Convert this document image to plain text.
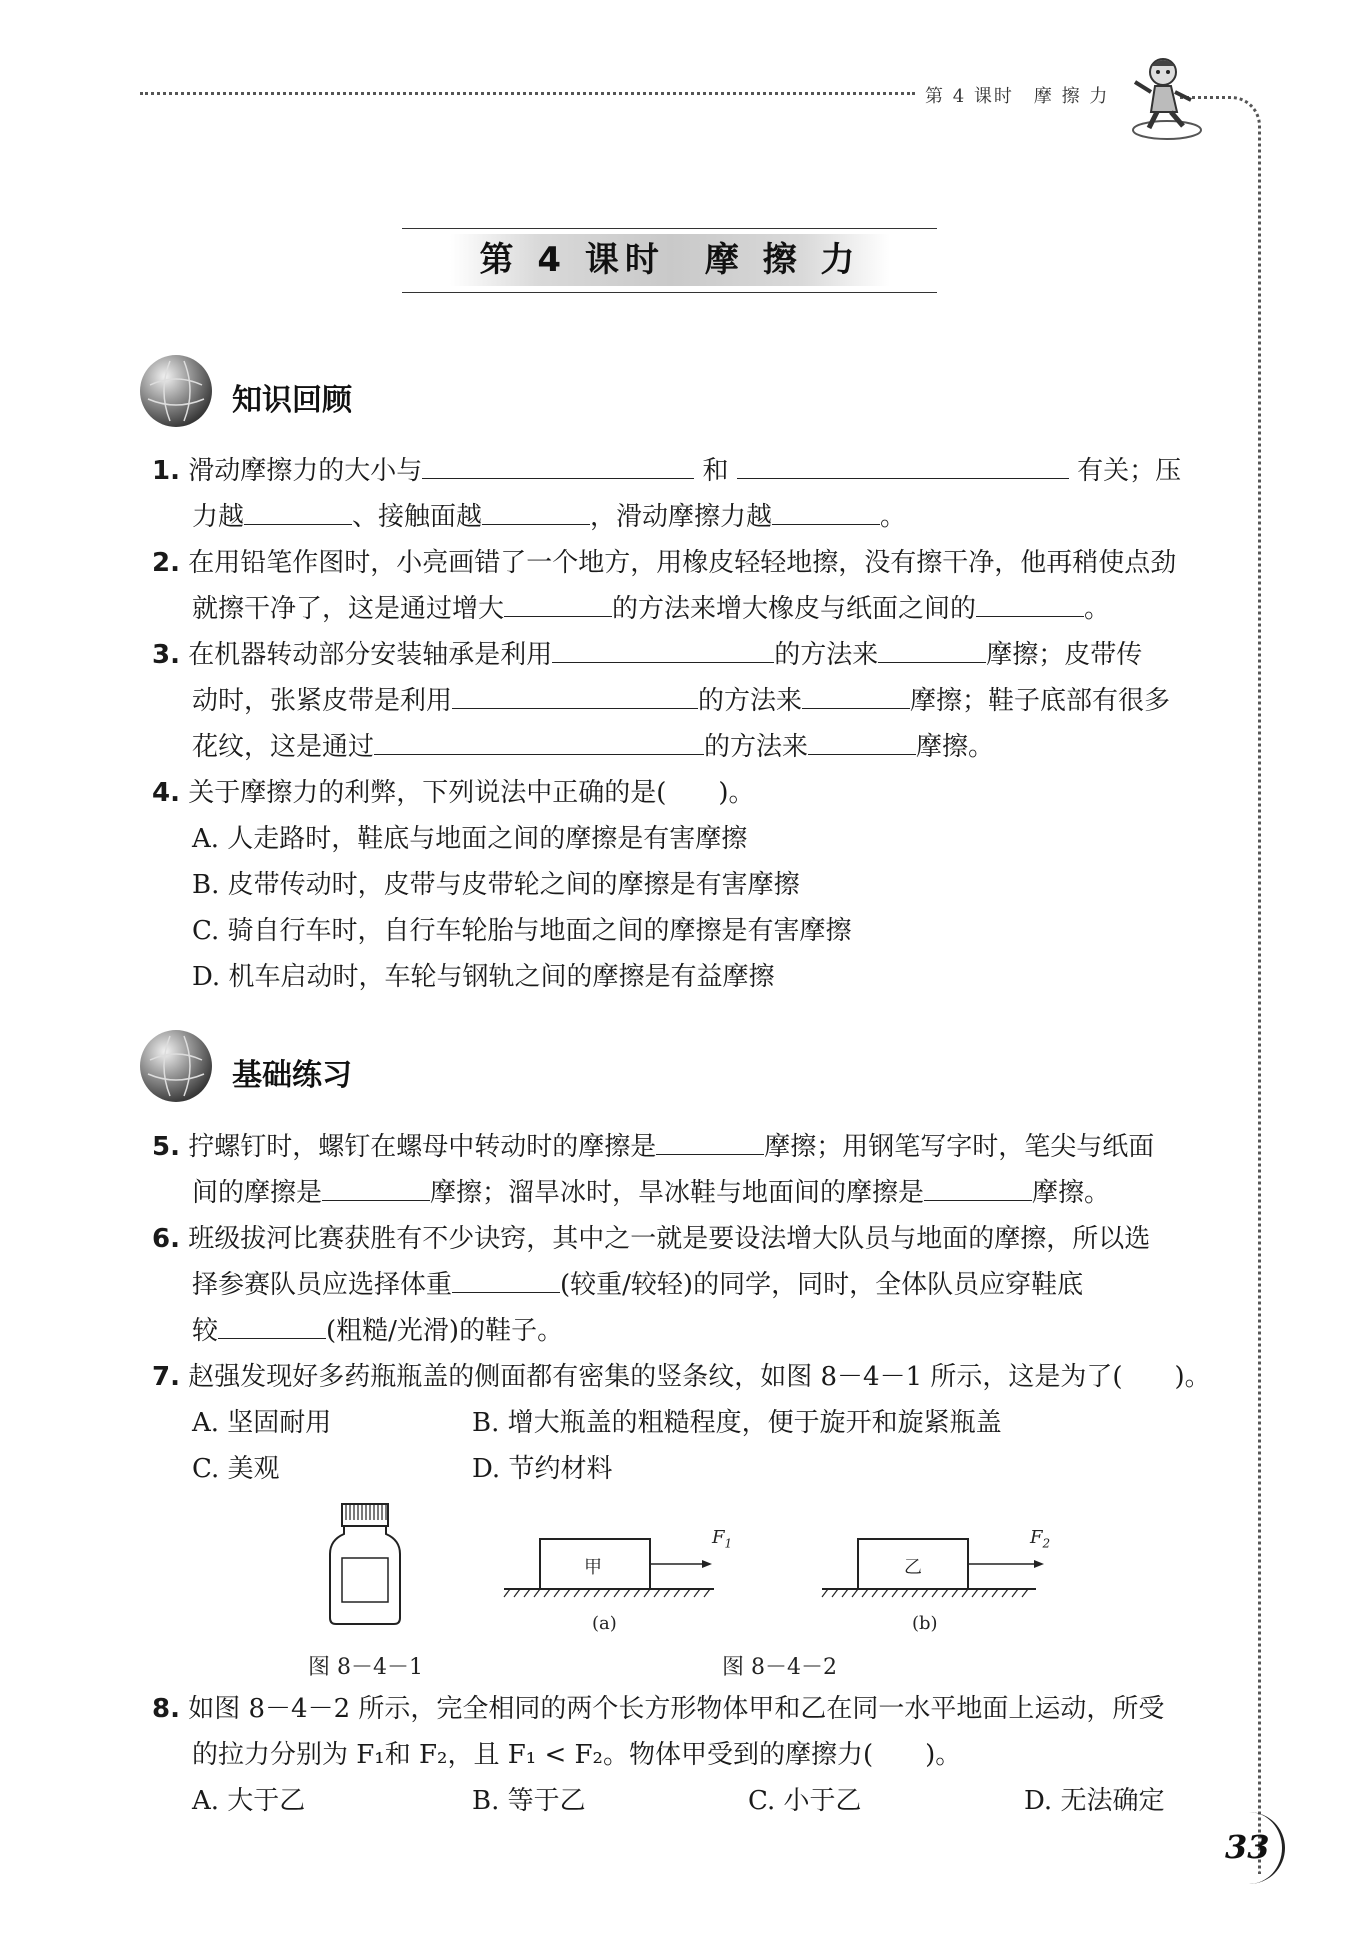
第 4 课时　摩 擦 力
第 4 课时　摩 擦 力
知识回顾
1. 滑动摩擦力的大小与	和	有关；压
力越	、接触面越	，滑动摩擦力越	。
2. 在用铅笔作图时，小亮画错了一个地方，用橡皮轻轻地擦，没有擦干净，他再稍使点劲
就擦干净了，这是通过增大	的方法来增大橡皮与纸面之间的	。
3. 在机器转动部分安装轴承是利用	的方法来	摩擦；皮带传
动时，张紧皮带是利用	的方法来	摩擦；鞋子底部有很多
花纹，这是通过	的方法来	摩擦。
4. 关于摩擦力的利弊，下列说法中正确的是(　　)。
A. 人走路时，鞋底与地面之间的摩擦是有害摩擦
B. 皮带传动时，皮带与皮带轮之间的摩擦是有害摩擦
C. 骑自行车时，自行车轮胎与地面之间的摩擦是有害摩擦
D. 机车启动时，车轮与钢轨之间的摩擦是有益摩擦
基础练习
5. 拧螺钉时，螺钉在螺母中转动时的摩擦是	摩擦；用钢笔写字时，笔尖与纸面
间的摩擦是	摩擦；溜旱冰时，旱冰鞋与地面间的摩擦是	摩擦。
6. 班级拔河比赛获胜有不少诀窍，其中之一就是要设法增大队员与地面的摩擦，所以选
择参赛队员应选择体重	(较重/较轻)的同学，同时，全体队员应穿鞋底
较	(粗糙/光滑)的鞋子。
7. 赵强发现好多药瓶瓶盖的侧面都有密集的竖条纹，如图 8－4－1 所示，这是为了(　　)。
A. 坚固耐用	B. 增大瓶盖的粗糙程度，便于旋开和旋紧瓶盖
C. 美观	D. 节约材料
图 8－4－1
甲
$F_1$
(a)
乙
$F_2$
(b)
图 8－4－2
8. 如图 8－4－2 所示，完全相同的两个长方形物体甲和乙在同一水平地面上运动，所受
的拉力分别为 F₁和 F₂，且 F₁ < F₂。物体甲受到的摩擦力(　　)。
A. 大于乙	B. 等于乙	C. 小于乙	D. 无法确定
33
